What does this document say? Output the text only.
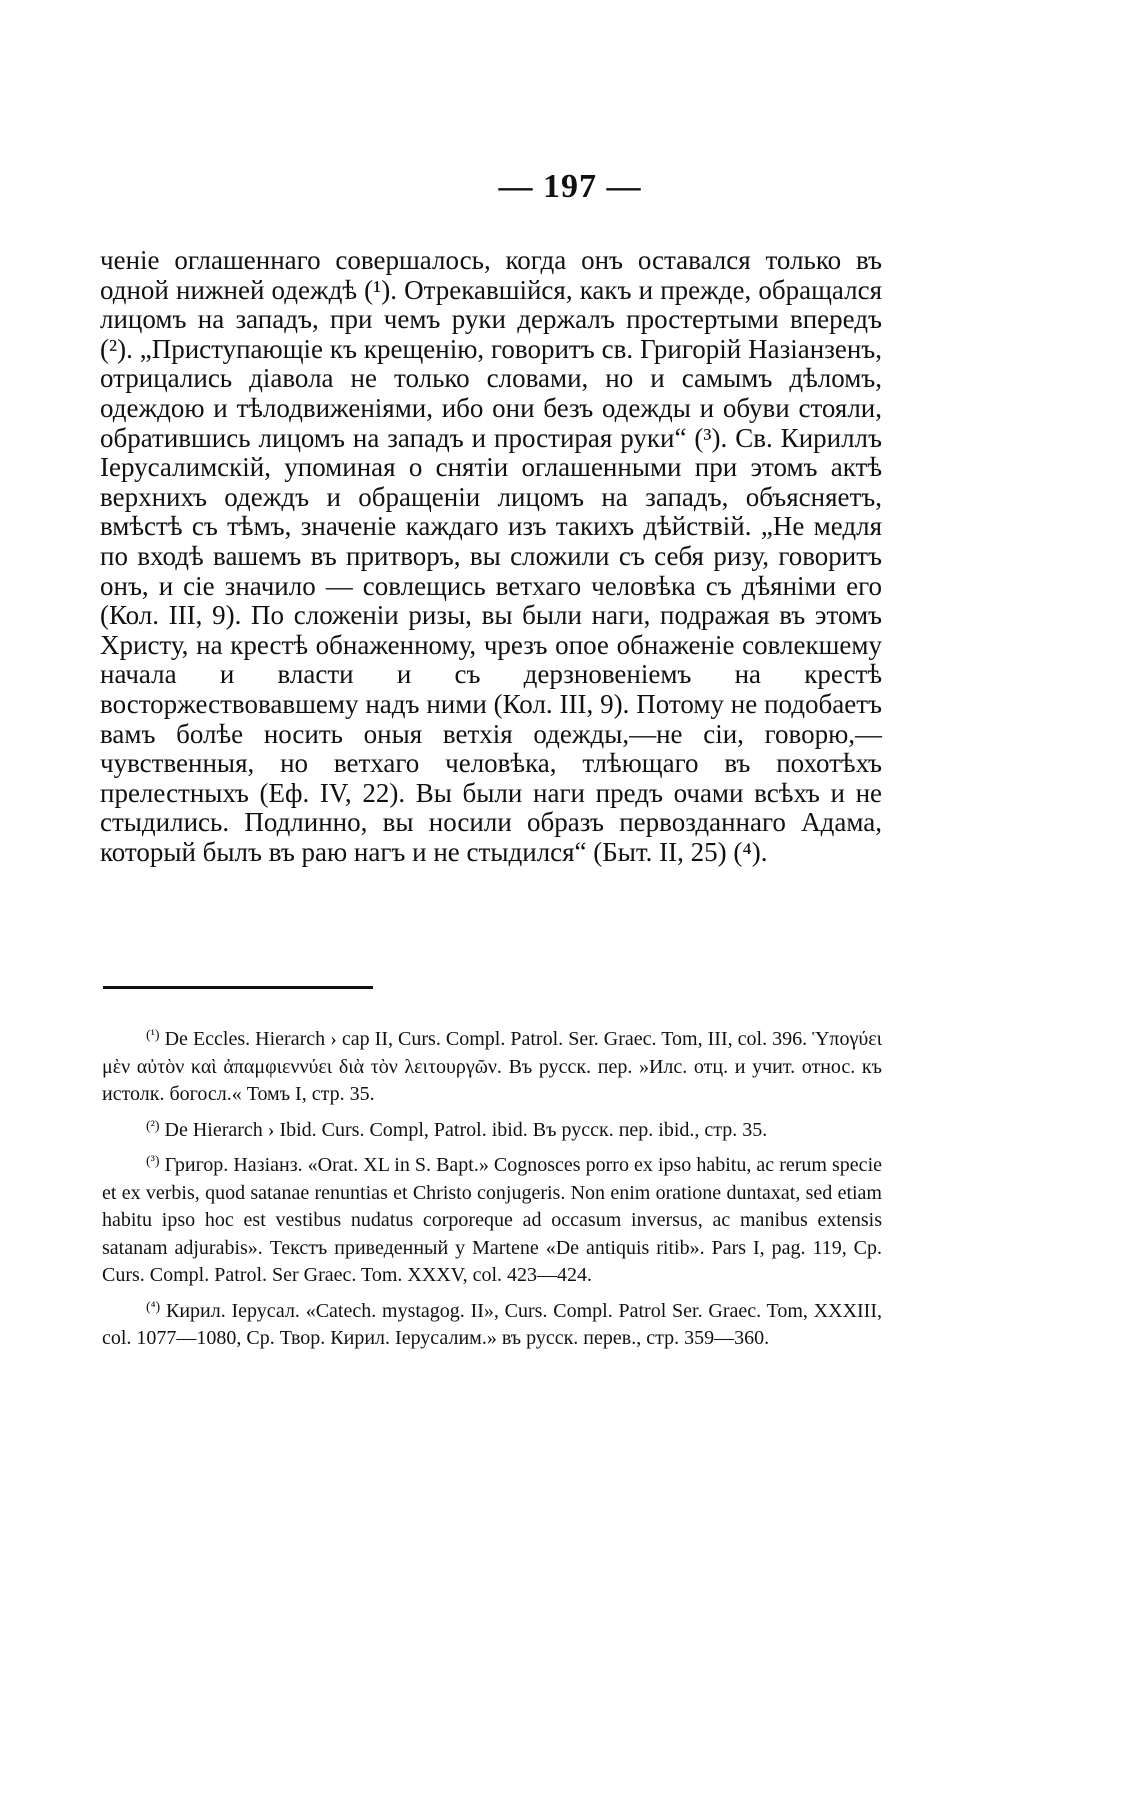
— 197 —

ченіе оглашеннаго совершалось, когда онъ оставался только въ одной нижней одеждѣ (¹). Отрекавшійся, какъ и прежде, обращался лицомъ на западъ, при чемъ руки держалъ простертыми впередъ (²). „Приступающіе къ крещенію, говоритъ св. Григорій Назіанзенъ, отрицались діавола не только словами, но и самымъ дѣломъ, одеждою и тѣлодвиженіями, ибо они безъ одежды и обуви стояли, обратившись лицомъ на западъ и простирая руки“ (³). Св. Кириллъ Іерусалимскій, упоминая о снятіи оглашенными при этомъ актѣ верхнихъ одеждъ и обращеніи лицомъ на западъ, объясняетъ, вмѣстѣ съ тѣмъ, значеніе каждаго изъ такихъ дѣйствій. „Не медля по входѣ вашемъ въ притворъ, вы сложили съ себя ризу, говоритъ онъ, и сіе значило — совлещись ветхаго человѣка съ дѣяніми его (Кол. III, 9). По сложеніи ризы, вы были наги, подражая въ этомъ Христу, на крестѣ обнаженному, чрезъ опое обнаженіе совлекшему начала и власти и съ дерзновеніемъ на крестѣ восторжествовавшему надъ ними (Кол. III, 9). Потому не подобаетъ вамъ болѣе носить оныя ветхія одежды,—не сіи, говорю,—чувственныя, но ветхаго человѣка, тлѣющаго въ похотѣхъ прелестныхъ (Еф. IV, 22). Вы были наги предъ очами всѣхъ и не стыдились. Подлинно, вы носили образъ первозданнаго Адама, который былъ въ раю нагъ и не стыдился“ (Быт. II, 25) (⁴).

$^{(^1)}$ De Eccles. Hierarch › cap II, Curs. Compl. Patrol. Ser. Graec. Tom, III, col. 396. Ὑπογύει μὲν αὐτὸν καὶ ἀπαμφιεννύει διὰ τὸν λειτουργῶν. Въ русск. пер. »Илс. отц. и учит. относ. къ истолк. богосл.« Томъ I, стр. 35.

$^{(^2)}$ De Hierarch › Ibid. Curs. Compl, Patrol. ibid. Въ русск. пер. ibid., стр. 35.

$^{(^3)}$ Григор. Назіанз. «Orat. XL in S. Bapt.» Cognosces porro ex ipso habitu, ac rerum specie et ex verbis, quod satanae renuntias et Christo conjugeris. Non enim oratione duntaxat, sed etiam habitu ipso hoc est vestibus nudatus corporeque ad occasum inversus, ac manibus extensis satanam adjurabis». Текстъ приведенный у Martene «De antiquis ritib». Pars I, pag. 119, Ср. Curs. Compl. Patrol. Ser Graec. Tom. XXXV, col. 423—424.

$^{(^4)}$ Кирил. Іерусал. «Catech. mystagog. II», Curs. Compl. Patrol Ser. Graec. Tom, XXXIII, col. 1077—1080, Ср. Твор. Кирил. Іерусалим.» въ русск. перев., стр. 359—360.
